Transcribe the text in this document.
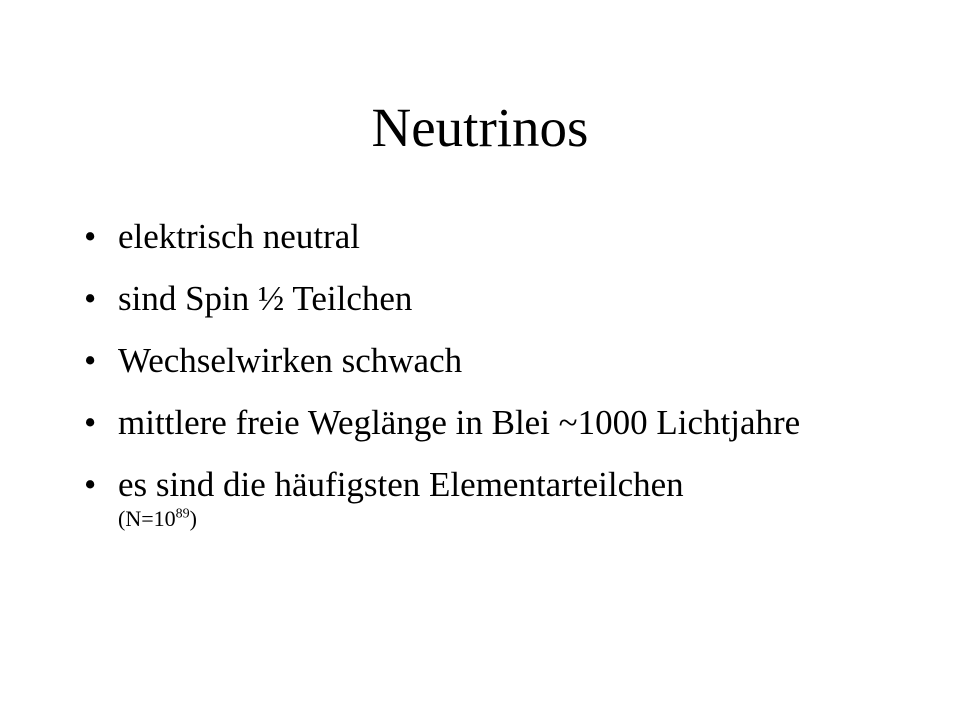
Neutrinos
• elektrisch neutral
• sind Spin ½ Teilchen
• Wechselwirken schwach
• mittlere freie Weglänge in Blei ~1000 Lichtjahre
• es sind die häufigsten Elementarteilchen
$(N=10^{89})$
